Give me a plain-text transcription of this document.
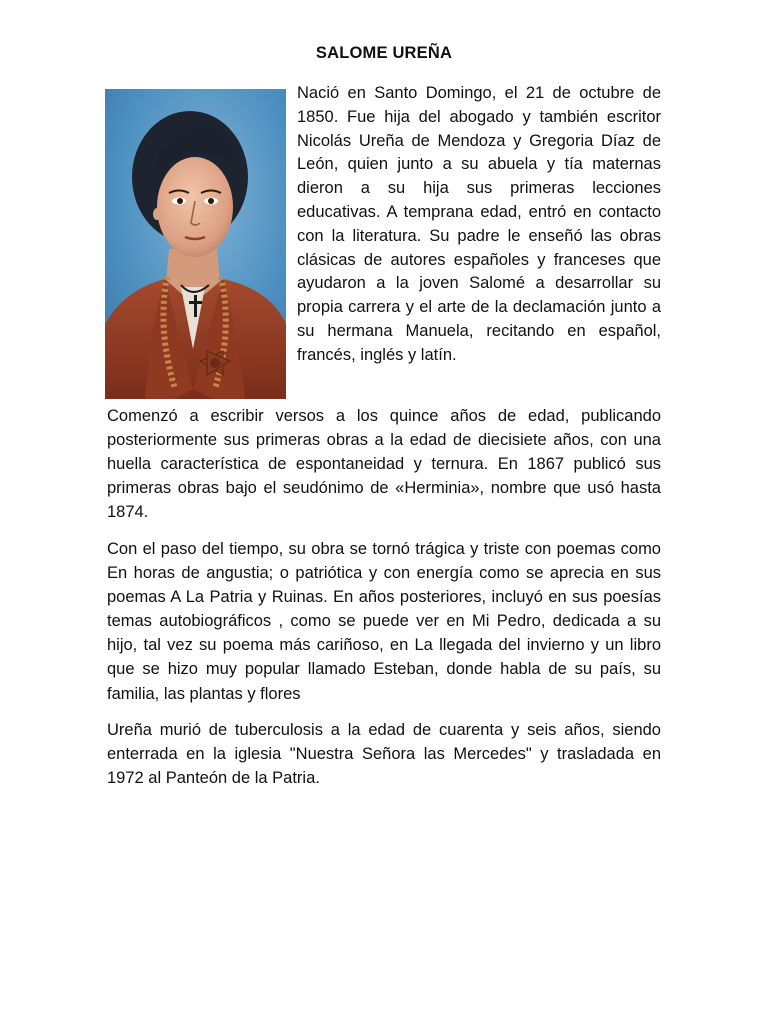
SALOME UREÑA

Nació en Santo Domingo, el 21 de octubre de 1850. Fue hija del abogado y también escritor Nicolás Ureña de Mendoza y Gregoria Díaz de León, quien junto a su abuela y tía maternas dieron a su hija sus primeras lecciones educativas. A temprana edad, entró en contacto con la literatura. Su padre le enseñó las obras clásicas de autores españoles y franceses que ayudaron a la joven Salomé a desarrollar su propia carrera y el arte de la declamación junto a su hermana Manuela, recitando en español, francés, inglés y latín.

Comenzó a escribir versos a los quince años de edad, publicando posteriormente sus primeras obras a la edad de diecisiete años, con una huella característica de espontaneidad y ternura. En 1867 publicó sus primeras obras bajo el seudónimo de «Herminia», nombre que usó hasta 1874.

Con el paso del tiempo, su obra se tornó trágica y triste con poemas como En horas de angustia; o patriótica y con energía como se aprecia en sus poemas A La Patria y Ruinas. En años posteriores, incluyó en sus poesías temas autobiográficos , como se puede ver en Mi Pedro, dedicada a su hijo, tal vez su poema más cariñoso, en La llegada del invierno y un libro que se hizo muy popular llamado Esteban, donde habla de su país, su familia, las plantas y flores

Ureña murió de tuberculosis a la edad de cuarenta y seis años, siendo enterrada en la iglesia "Nuestra Señora las Mercedes" y trasladada en 1972 al Panteón de la Patria.
